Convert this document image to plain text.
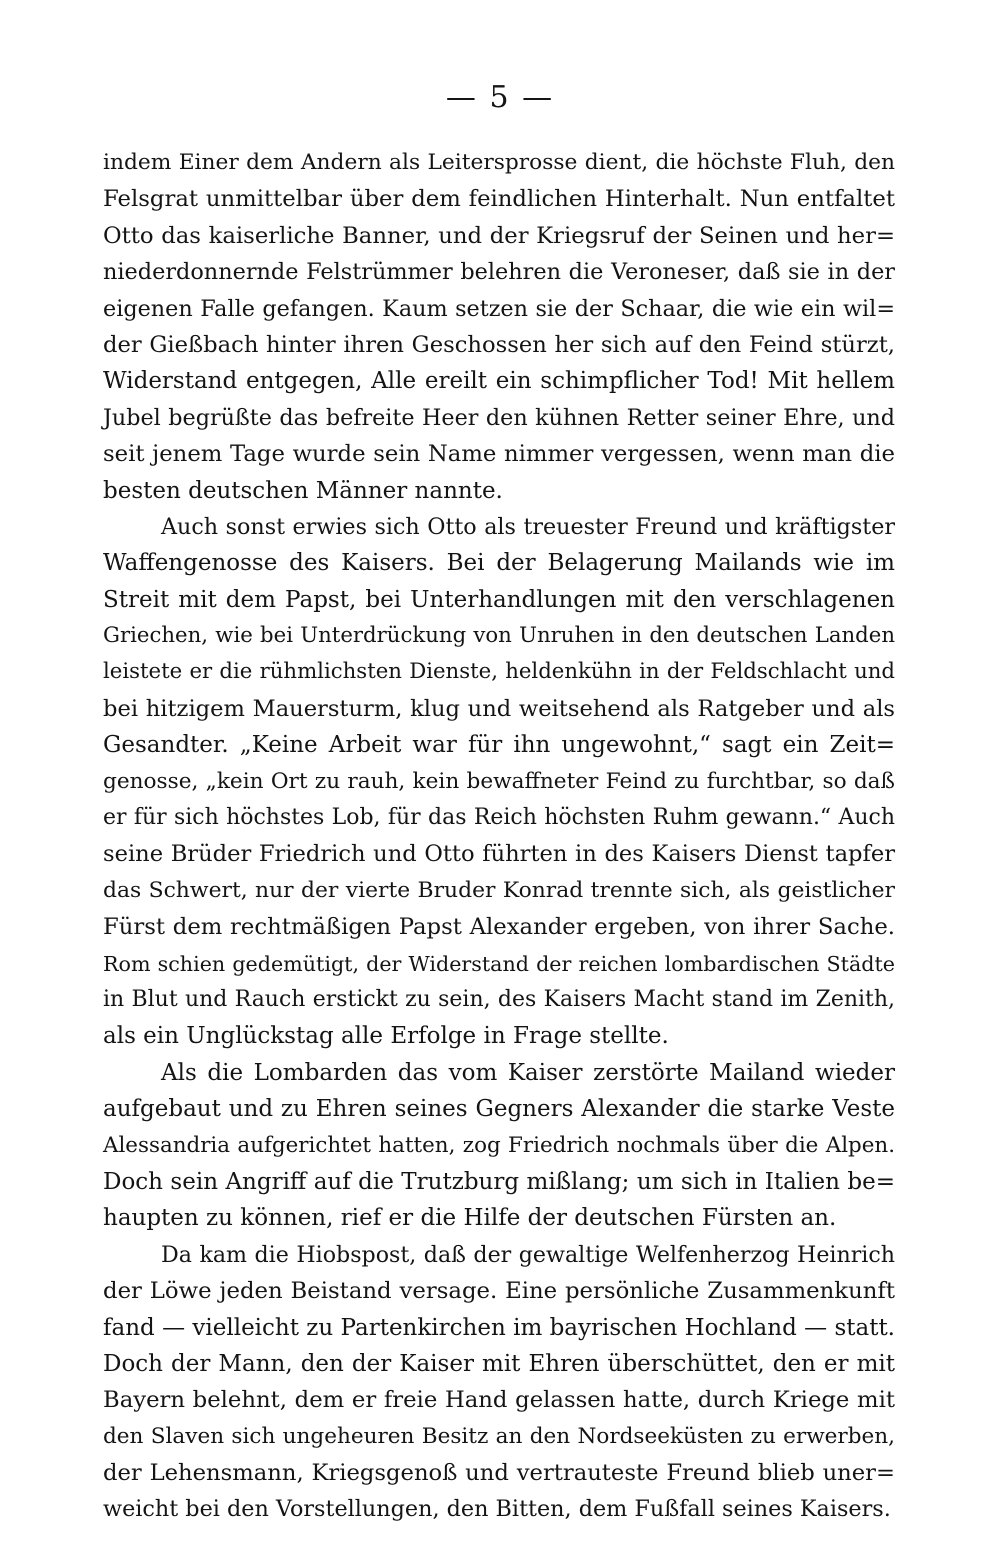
— 5 —
indem Einer dem Andern als Leitersprosse dient, die höchste Fluh, den
Felsgrat unmittelbar über dem feindlichen Hinterhalt. Nun entfaltet
Otto das kaiserliche Banner, und der Kriegsruf der Seinen und her=
niederdonnernde Felstrümmer belehren die Veroneser, daß sie in der
eigenen Falle gefangen. Kaum setzen sie der Schaar, die wie ein wil=
der Gießbach hinter ihren Geschossen her sich auf den Feind stürzt,
Widerstand entgegen, Alle ereilt ein schimpflicher Tod! Mit hellem
Jubel begrüßte das befreite Heer den kühnen Retter seiner Ehre, und
seit jenem Tage wurde sein Name nimmer vergessen, wenn man die
besten deutschen Männer nannte.
Auch sonst erwies sich Otto als treuester Freund und kräftigster
Waffengenosse des Kaisers. Bei der Belagerung Mailands wie im
Streit mit dem Papst, bei Unterhandlungen mit den verschlagenen
Griechen, wie bei Unterdrückung von Unruhen in den deutschen Landen
leistete er die rühmlichsten Dienste, heldenkühn in der Feldschlacht und
bei hitzigem Mauersturm, klug und weitsehend als Ratgeber und als
Gesandter. „Keine Arbeit war für ihn ungewohnt,“ sagt ein Zeit=
genosse, „kein Ort zu rauh, kein bewaffneter Feind zu furchtbar, so daß
er für sich höchstes Lob, für das Reich höchsten Ruhm gewann.“ Auch
seine Brüder Friedrich und Otto führten in des Kaisers Dienst tapfer
das Schwert, nur der vierte Bruder Konrad trennte sich, als geistlicher
Fürst dem rechtmäßigen Papst Alexander ergeben, von ihrer Sache.
Rom schien gedemütigt, der Widerstand der reichen lombardischen Städte
in Blut und Rauch erstickt zu sein, des Kaisers Macht stand im Zenith,
als ein Unglückstag alle Erfolge in Frage stellte.
Als die Lombarden das vom Kaiser zerstörte Mailand wieder
aufgebaut und zu Ehren seines Gegners Alexander die starke Veste
Alessandria aufgerichtet hatten, zog Friedrich nochmals über die Alpen.
Doch sein Angriff auf die Trutzburg mißlang; um sich in Italien be=
haupten zu können, rief er die Hilfe der deutschen Fürsten an.
Da kam die Hiobspost, daß der gewaltige Welfenherzog Heinrich
der Löwe jeden Beistand versage. Eine persönliche Zusammenkunft
fand — vielleicht zu Partenkirchen im bayrischen Hochland — statt.
Doch der Mann, den der Kaiser mit Ehren überschüttet, den er mit
Bayern belehnt, dem er freie Hand gelassen hatte, durch Kriege mit
den Slaven sich ungeheuren Besitz an den Nordseeküsten zu erwerben,
der Lehensmann, Kriegsgenoß und vertrauteste Freund blieb uner=
weicht bei den Vorstellungen, den Bitten, dem Fußfall seines Kaisers.
